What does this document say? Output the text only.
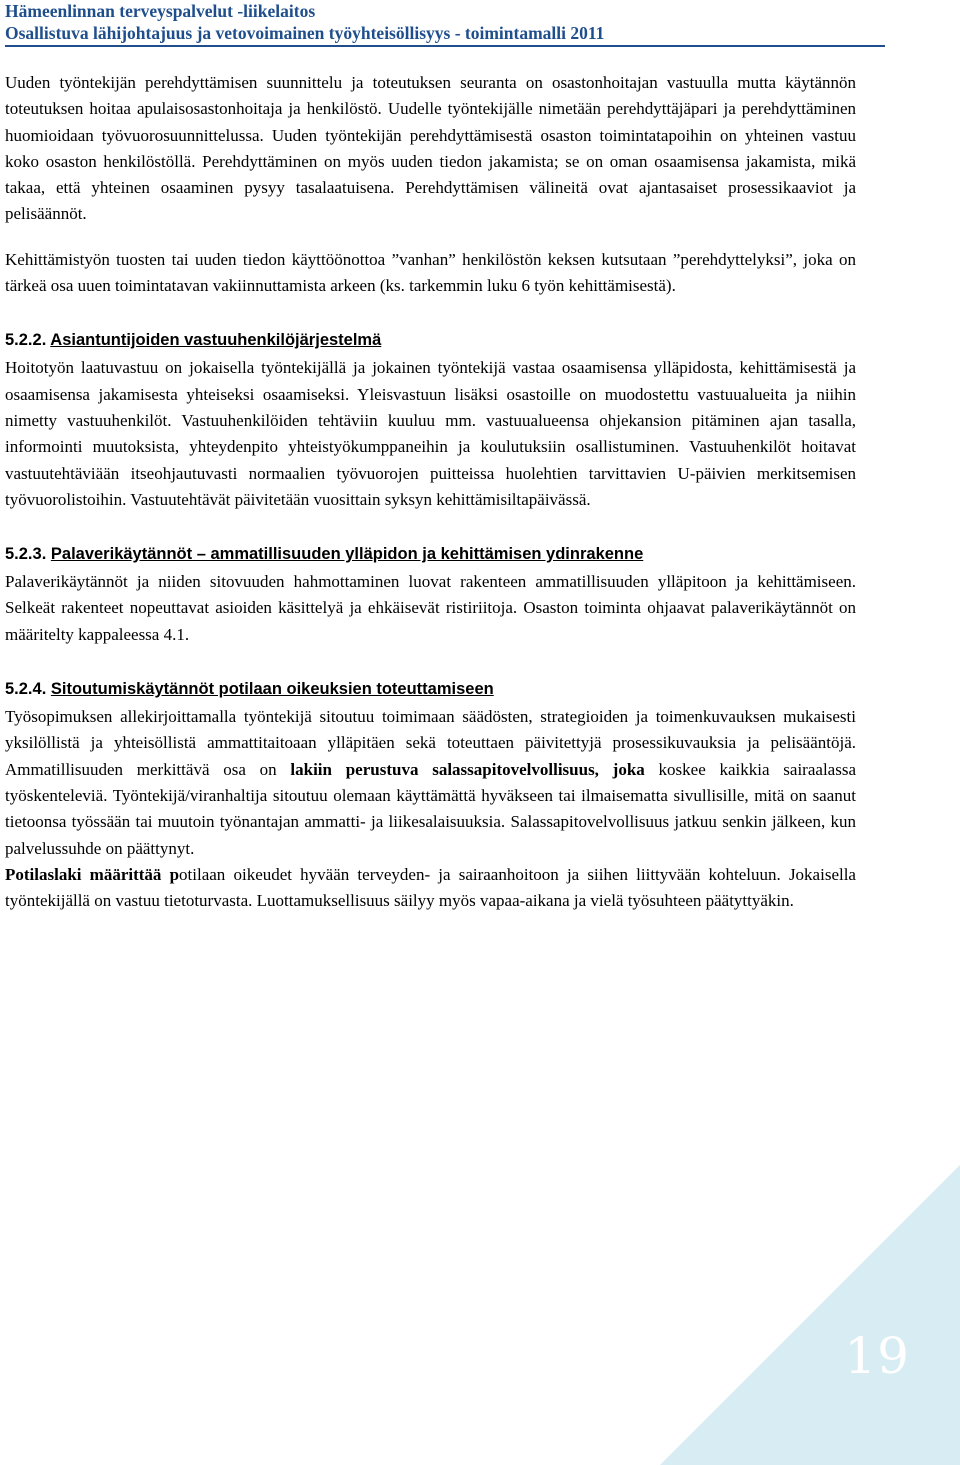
Hämeenlinnan terveyspalvelut -liikelaitos
Osallistuva lähijohtajuus ja vetovoimainen työyhteisöllisyys - toimintamalli 2011

Uuden työntekijän perehdyttämisen suunnittelu ja toteutuksen seuranta on osastonhoitajan vastuulla mutta käytännön toteutuksen hoitaa apulaisosastonhoitaja ja henkilöstö. Uudelle työntekijälle nimetään perehdyttäjäpari ja perehdyttäminen huomioidaan työvuorosuunnittelussa. Uuden työntekijän perehdyttämisestä osaston toimintatapoihin on yhteinen vastuu koko osaston henkilöstöllä. Perehdyttäminen on myös uuden tiedon jakamista; se on oman osaamisensa jakamista, mikä takaa, että yhteinen osaaminen pysyy tasalaatuisena. Perehdyttämisen välineitä ovat ajantasaiset prosessikaaviot ja pelisäännöt.

Kehittämistyön tuosten tai uuden tiedon käyttöönottoa ”vanhan” henkilöstön keksen kutsutaan ”perehdyttelyksi”, joka on tärkeä osa uuen toimintatavan vakiinnuttamista arkeen (ks. tarkemmin luku 6 työn kehittämisestä).

5.2.2. Asiantuntijoiden vastuuhenkilöjärjestelmä

Hoitotyön laatuvastuu on jokaisella työntekijällä ja jokainen työntekijä vastaa osaamisensa ylläpidosta, kehittämisestä ja osaamisensa jakamisesta yhteiseksi osaamiseksi. Yleisvastuun lisäksi osastoille on muodostettu vastuualueita ja niihin nimetty vastuuhenkilöt. Vastuuhenkilöiden tehtäviin kuuluu mm. vastuualueensa ohjekansion pitäminen ajan tasalla, informointi muutoksista, yhteydenpito yhteistyökumppaneihin ja koulutuksiin osallistuminen. Vastuuhenkilöt hoitavat vastuutehtäviään itseohjautuvasti normaalien työvuorojen puitteissa huolehtien tarvittavien U-päivien merkitsemisen työvuorolistoihin. Vastuutehtävät päivitetään vuosittain syksyn kehittämisiltapäivässä.

5.2.3. Palaverikäytännöt – ammatillisuuden ylläpidon ja kehittämisen ydinrakenne

Palaverikäytännöt ja niiden sitovuuden hahmottaminen luovat rakenteen ammatillisuuden ylläpitoon ja kehittämiseen. Selkeät rakenteet nopeuttavat asioiden käsittelyä ja ehkäisevät ristiriitoja. Osaston toiminta ohjaavat palaverikäytännöt on määritelty kappaleessa 4.1.

5.2.4. Sitoutumiskäytännöt potilaan oikeuksien toteuttamiseen

Työsopimuksen allekirjoittamalla työntekijä sitoutuu toimimaan säädösten, strategioiden ja toimenkuvauksen mukaisesti yksilöllistä ja yhteisöllistä ammattitaitoaan ylläpitäen sekä toteuttaen päivitettyjä prosessikuvauksia ja pelisääntöjä. Ammatillisuuden merkittävä osa on lakiin perustuva salassapitovelvollisuus, joka koskee kaikkia sairaalassa työskenteleviä. Työntekijä/viranhaltija sitoutuu olemaan käyttämättä hyväkseen tai ilmaisematta sivullisille, mitä on saanut tietoonsa työssään tai muutoin työnantajan ammatti- ja liikesalaisuuksia. Salassapitovelvollisuus jatkuu senkin jälkeen, kun palvelussuhde on päättynyt.

Potilaslaki määrittää potilaan oikeudet hyvään terveyden- ja sairaanhoitoon ja siihen liittyvään kohteluun. Jokaisella työntekijällä on vastuu tietoturvasta. Luottamuksellisuus säilyy myös vapaa-aikana ja vielä työsuhteen päätyttyäkin.

19
